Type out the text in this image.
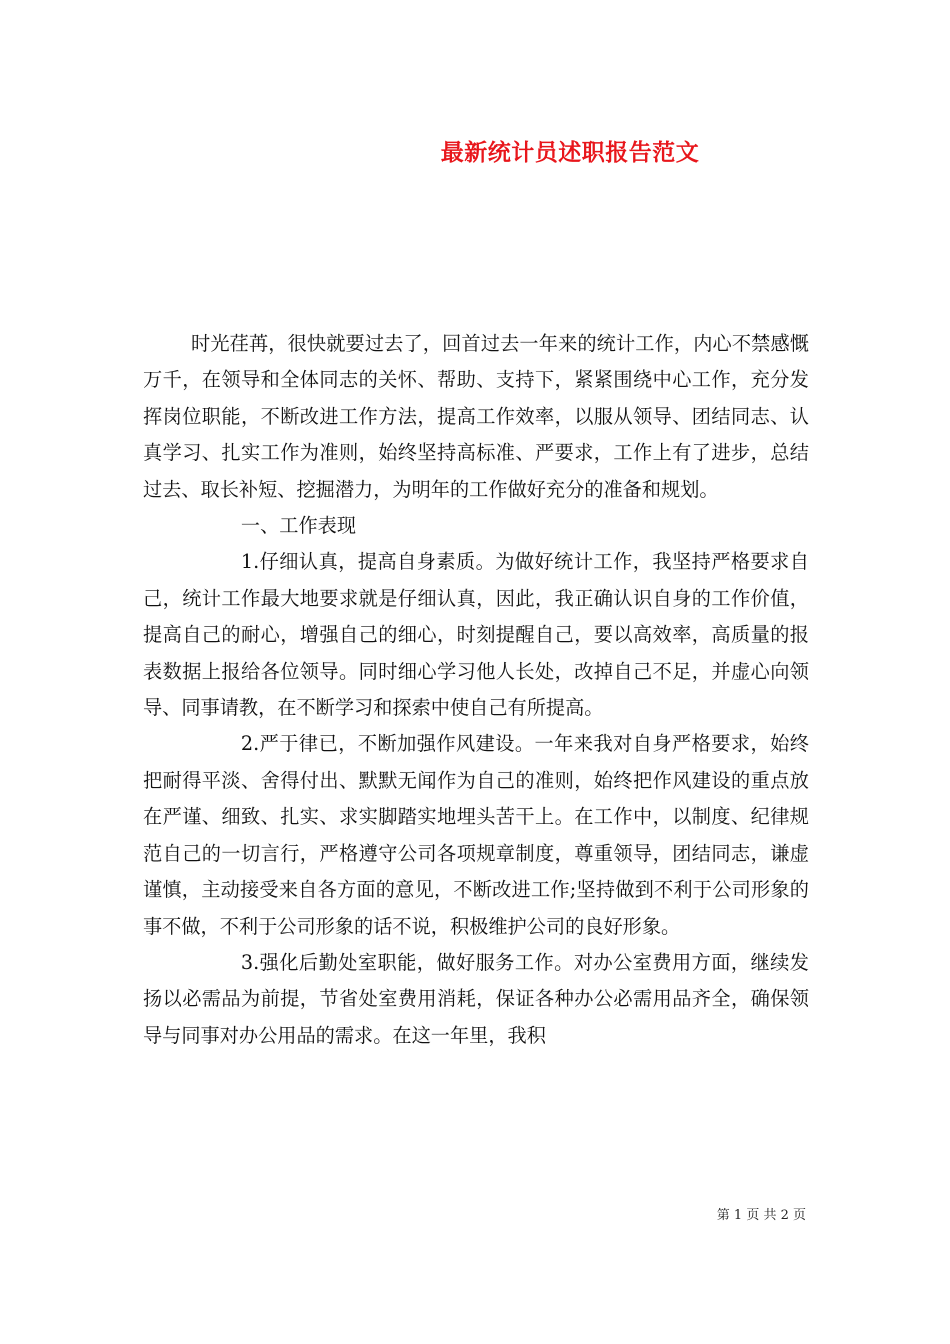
最新统计员述职报告范文

时光荏苒，很快就要过去了，回首过去一年来的统计工作，内心不禁感慨万千，在领导和全体同志的关怀、帮助、支持下，紧紧围绕中心工作，充分发挥岗位职能，不断改进工作方法，提高工作效率，以服从领导、团结同志、认真学习、扎实工作为准则，始终坚持高标准、严要求，工作上有了进步，总结过去、取长补短、挖掘潜力，为明年的工作做好充分的准备和规划。

一、工作表现

1.仔细认真，提高自身素质。为做好统计工作，我坚持严格要求自己，统计工作最大地要求就是仔细认真，因此，我正确认识自身的工作价值，提高自己的耐心，增强自己的细心，时刻提醒自己，要以高效率，高质量的报表数据上报给各位领导。同时细心学习他人长处，改掉自己不足，并虚心向领导、同事请教，在不断学习和探索中使自己有所提高。

2.严于律已，不断加强作风建设。一年来我对自身严格要求，始终把耐得平淡、舍得付出、默默无闻作为自己的准则，始终把作风建设的重点放在严谨、细致、扎实、求实脚踏实地埋头苦干上。在工作中，以制度、纪律规范自己的一切言行，严格遵守公司各项规章制度，尊重领导，团结同志，谦虚谨慎，主动接受来自各方面的意见，不断改进工作;坚持做到不利于公司形象的事不做，不利于公司形象的话不说，积极维护公司的良好形象。

3.强化后勤处室职能，做好服务工作。对办公室费用方面，继续发扬以必需品为前提，节省处室费用消耗，保证各种办公必需用品齐全，确保领导与同事对办公用品的需求。在这一年里，我积

第 1 页 共 2 页
